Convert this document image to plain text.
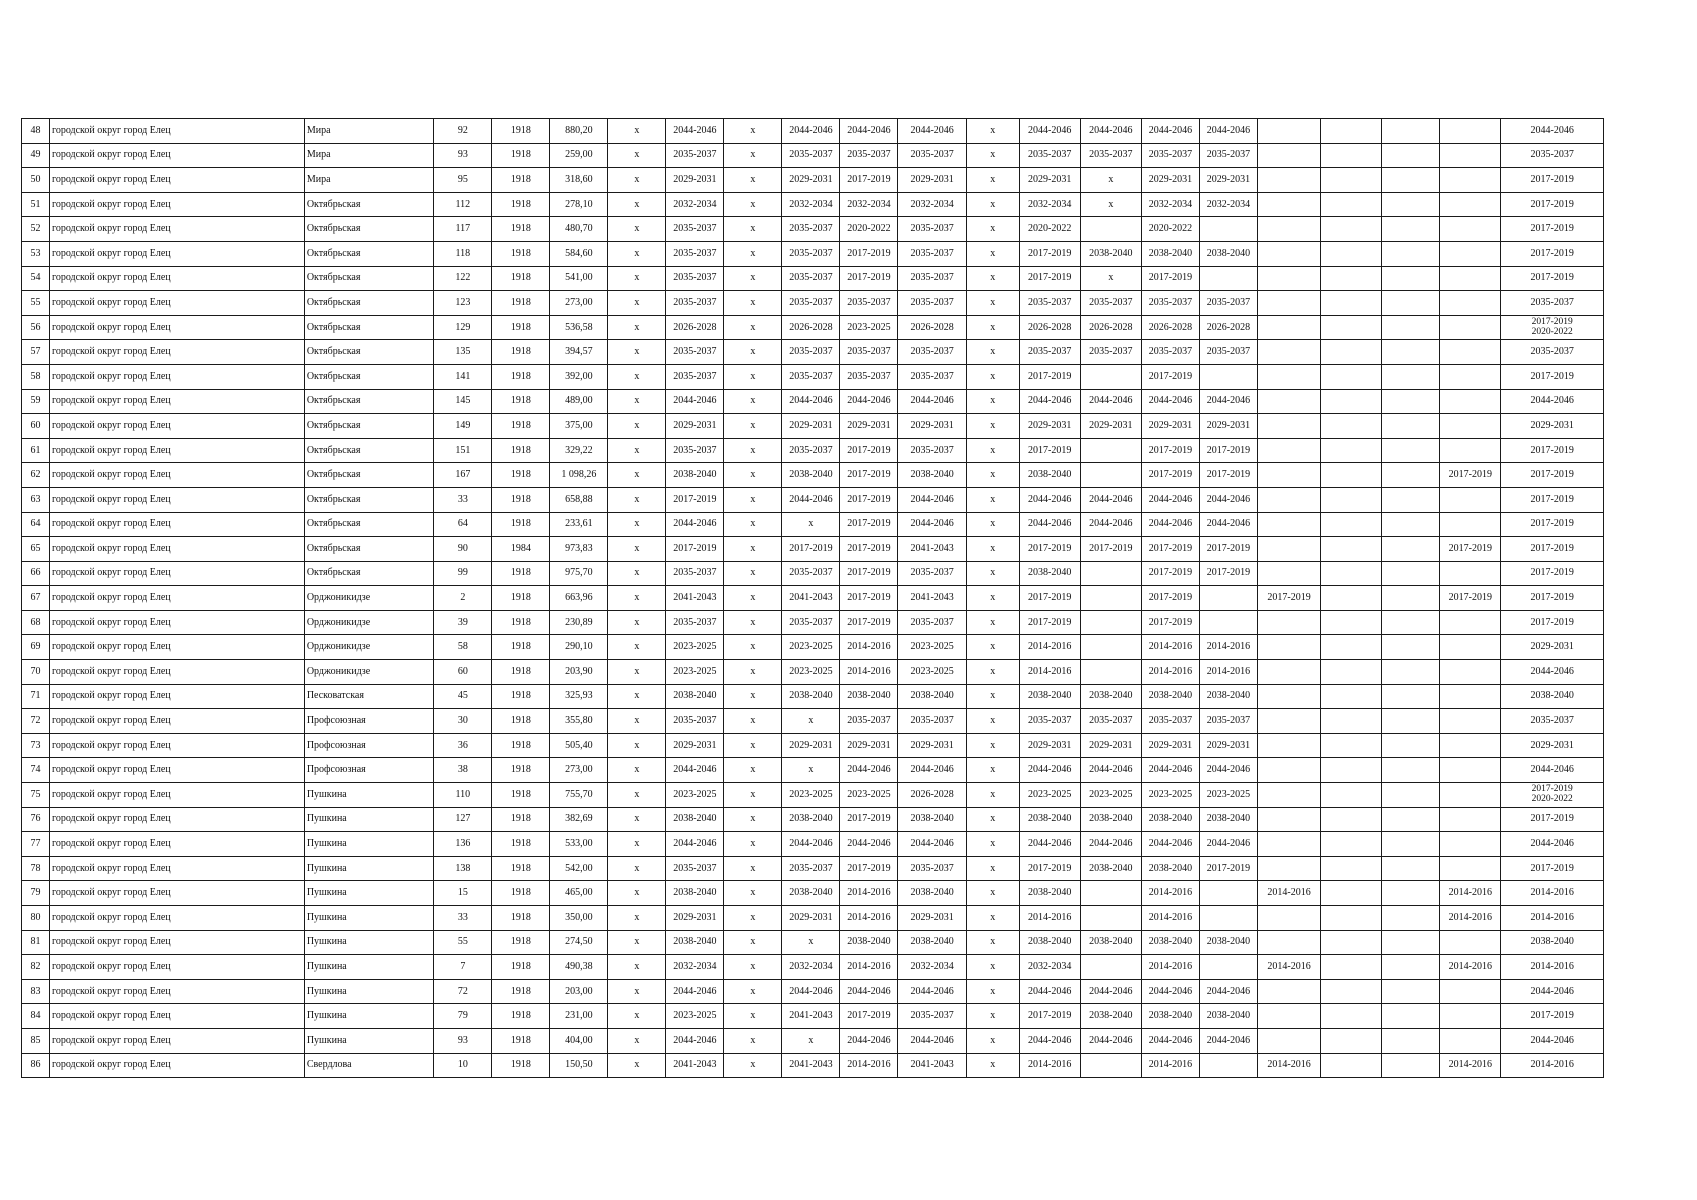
48	городской округ город Елец	Мира	92	1918	880,20	x	2044-2046	x	2044-2046	2044-2046	2044-2046	x	2044-2046	2044-2046	2044-2046	2044-2046					2044-2046
49	городской округ город Елец	Мира	93	1918	259,00	x	2035-2037	x	2035-2037	2035-2037	2035-2037	x	2035-2037	2035-2037	2035-2037	2035-2037					2035-2037
50	городской округ город Елец	Мира	95	1918	318,60	x	2029-2031	x	2029-2031	2017-2019	2029-2031	x	2029-2031	x	2029-2031	2029-2031					2017-2019
51	городской округ город Елец	Октябрьская	112	1918	278,10	x	2032-2034	x	2032-2034	2032-2034	2032-2034	x	2032-2034	x	2032-2034	2032-2034					2017-2019
52	городской округ город Елец	Октябрьская	117	1918	480,70	x	2035-2037	x	2035-2037	2020-2022	2035-2037	x	2020-2022		2020-2022						2017-2019
53	городской округ город Елец	Октябрьская	118	1918	584,60	x	2035-2037	x	2035-2037	2017-2019	2035-2037	x	2017-2019	2038-2040	2038-2040	2038-2040					2017-2019
54	городской округ город Елец	Октябрьская	122	1918	541,00	x	2035-2037	x	2035-2037	2017-2019	2035-2037	x	2017-2019	x	2017-2019						2017-2019
55	городской округ город Елец	Октябрьская	123	1918	273,00	x	2035-2037	x	2035-2037	2035-2037	2035-2037	x	2035-2037	2035-2037	2035-2037	2035-2037					2035-2037
56	городской округ город Елец	Октябрьская	129	1918	536,58	x	2026-2028	x	2026-2028	2023-2025	2026-2028	x	2026-2028	2026-2028	2026-2028	2026-2028					2017-2019
2020-2022
57	городской округ город Елец	Октябрьская	135	1918	394,57	x	2035-2037	x	2035-2037	2035-2037	2035-2037	x	2035-2037	2035-2037	2035-2037	2035-2037					2035-2037
58	городской округ город Елец	Октябрьская	141	1918	392,00	x	2035-2037	x	2035-2037	2035-2037	2035-2037	x	2017-2019		2017-2019						2017-2019
59	городской округ город Елец	Октябрьская	145	1918	489,00	x	2044-2046	x	2044-2046	2044-2046	2044-2046	x	2044-2046	2044-2046	2044-2046	2044-2046					2044-2046
60	городской округ город Елец	Октябрьская	149	1918	375,00	x	2029-2031	x	2029-2031	2029-2031	2029-2031	x	2029-2031	2029-2031	2029-2031	2029-2031					2029-2031
61	городской округ город Елец	Октябрьская	151	1918	329,22	x	2035-2037	x	2035-2037	2017-2019	2035-2037	x	2017-2019		2017-2019	2017-2019					2017-2019
62	городской округ город Елец	Октябрьская	167	1918	1 098,26	x	2038-2040	x	2038-2040	2017-2019	2038-2040	x	2038-2040		2017-2019	2017-2019				2017-2019	2017-2019
63	городской округ город Елец	Октябрьская	33	1918	658,88	x	2017-2019	x	2044-2046	2017-2019	2044-2046	x	2044-2046	2044-2046	2044-2046	2044-2046					2017-2019
64	городской округ город Елец	Октябрьская	64	1918	233,61	x	2044-2046	x	x	2017-2019	2044-2046	x	2044-2046	2044-2046	2044-2046	2044-2046					2017-2019
65	городской округ город Елец	Октябрьская	90	1984	973,83	x	2017-2019	x	2017-2019	2017-2019	2041-2043	x	2017-2019	2017-2019	2017-2019	2017-2019				2017-2019	2017-2019
66	городской округ город Елец	Октябрьская	99	1918	975,70	x	2035-2037	x	2035-2037	2017-2019	2035-2037	x	2038-2040		2017-2019	2017-2019					2017-2019
67	городской округ город Елец	Орджоникидзе	2	1918	663,96	x	2041-2043	x	2041-2043	2017-2019	2041-2043	x	2017-2019		2017-2019		2017-2019			2017-2019	2017-2019
68	городской округ город Елец	Орджоникидзе	39	1918	230,89	x	2035-2037	x	2035-2037	2017-2019	2035-2037	x	2017-2019		2017-2019						2017-2019
69	городской округ город Елец	Орджоникидзе	58	1918	290,10	x	2023-2025	x	2023-2025	2014-2016	2023-2025	x	2014-2016		2014-2016	2014-2016					2029-2031
70	городской округ город Елец	Орджоникидзе	60	1918	203,90	x	2023-2025	x	2023-2025	2014-2016	2023-2025	x	2014-2016		2014-2016	2014-2016					2044-2046
71	городской округ город Елец	Песковатская	45	1918	325,93	x	2038-2040	x	2038-2040	2038-2040	2038-2040	x	2038-2040	2038-2040	2038-2040	2038-2040					2038-2040
72	городской округ город Елец	Профсоюзная	30	1918	355,80	x	2035-2037	x	x	2035-2037	2035-2037	x	2035-2037	2035-2037	2035-2037	2035-2037					2035-2037
73	городской округ город Елец	Профсоюзная	36	1918	505,40	x	2029-2031	x	2029-2031	2029-2031	2029-2031	x	2029-2031	2029-2031	2029-2031	2029-2031					2029-2031
74	городской округ город Елец	Профсоюзная	38	1918	273,00	x	2044-2046	x	x	2044-2046	2044-2046	x	2044-2046	2044-2046	2044-2046	2044-2046					2044-2046
75	городской округ город Елец	Пушкина	110	1918	755,70	x	2023-2025	x	2023-2025	2023-2025	2026-2028	x	2023-2025	2023-2025	2023-2025	2023-2025					2017-2019
2020-2022
76	городской округ город Елец	Пушкина	127	1918	382,69	x	2038-2040	x	2038-2040	2017-2019	2038-2040	x	2038-2040	2038-2040	2038-2040	2038-2040					2017-2019
77	городской округ город Елец	Пушкина	136	1918	533,00	x	2044-2046	x	2044-2046	2044-2046	2044-2046	x	2044-2046	2044-2046	2044-2046	2044-2046					2044-2046
78	городской округ город Елец	Пушкина	138	1918	542,00	x	2035-2037	x	2035-2037	2017-2019	2035-2037	x	2017-2019	2038-2040	2038-2040	2017-2019					2017-2019
79	городской округ город Елец	Пушкина	15	1918	465,00	x	2038-2040	x	2038-2040	2014-2016	2038-2040	x	2038-2040		2014-2016		2014-2016			2014-2016	2014-2016
80	городской округ город Елец	Пушкина	33	1918	350,00	x	2029-2031	x	2029-2031	2014-2016	2029-2031	x	2014-2016		2014-2016					2014-2016	2014-2016
81	городской округ город Елец	Пушкина	55	1918	274,50	x	2038-2040	x	x	2038-2040	2038-2040	x	2038-2040	2038-2040	2038-2040	2038-2040					2038-2040
82	городской округ город Елец	Пушкина	7	1918	490,38	x	2032-2034	x	2032-2034	2014-2016	2032-2034	x	2032-2034		2014-2016		2014-2016			2014-2016	2014-2016
83	городской округ город Елец	Пушкина	72	1918	203,00	x	2044-2046	x	2044-2046	2044-2046	2044-2046	x	2044-2046	2044-2046	2044-2046	2044-2046					2044-2046
84	городской округ город Елец	Пушкина	79	1918	231,00	x	2023-2025	x	2041-2043	2017-2019	2035-2037	x	2017-2019	2038-2040	2038-2040	2038-2040					2017-2019
85	городской округ город Елец	Пушкина	93	1918	404,00	x	2044-2046	x	x	2044-2046	2044-2046	x	2044-2046	2044-2046	2044-2046	2044-2046					2044-2046
86	городской округ город Елец	Свердлова	10	1918	150,50	x	2041-2043	x	2041-2043	2014-2016	2041-2043	x	2014-2016		2014-2016		2014-2016			2014-2016	2014-2016
